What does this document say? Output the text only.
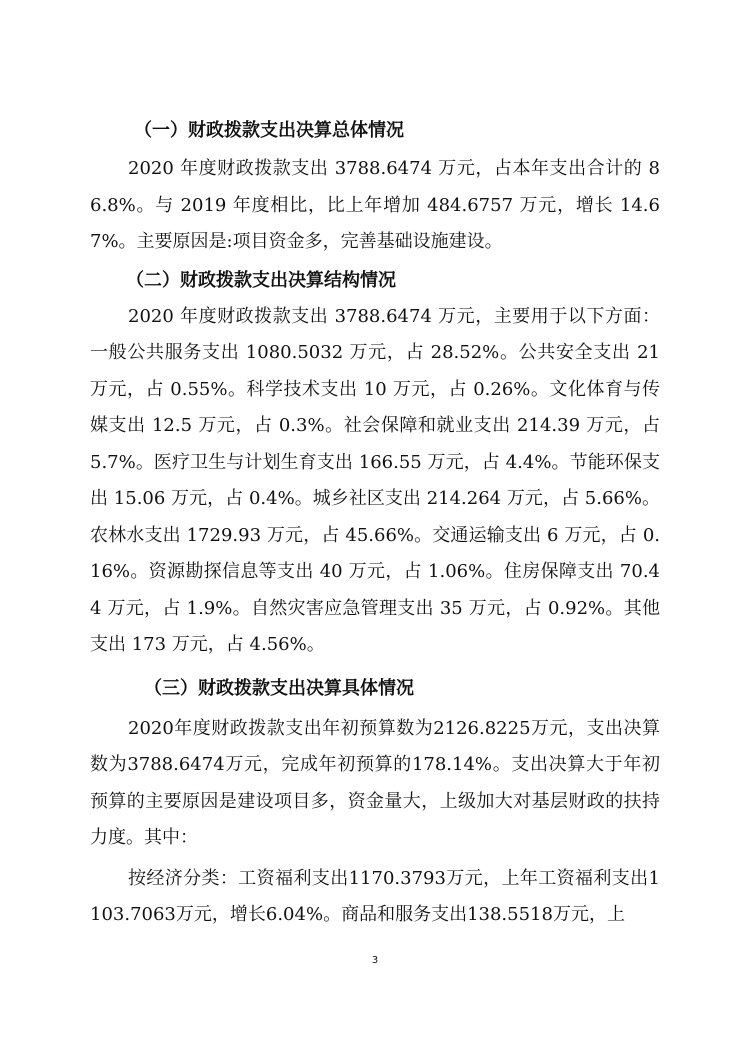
（一）财政拨款支出决算总体情况

2020 年度财政拨款支出 3788.6474 万元，占本年支出合计的 86.8%。与 2019 年度相比，比上年增加 484.6757 万元，增长 14.67%。主要原因是:项目资金多，完善基础设施建设。

（二）财政拨款支出决算结构情况

2020 年度财政拨款支出 3788.6474 万元，主要用于以下方面：一般公共服务支出 1080.5032 万元，占 28.52%。公共安全支出 21 万元，占 0.55%。科学技术支出 10 万元，占 0.26%。文化体育与传媒支出 12.5 万元，占 0.3%。社会保障和就业支出 214.39 万元，占 5.7%。医疗卫生与计划生育支出 166.55 万元，占 4.4%。节能环保支出 15.06 万元，占 0.4%。城乡社区支出 214.264 万元，占 5.66%。农林水支出 1729.93 万元，占 45.66%。交通运输支出 6 万元，占 0.16%。资源勘探信息等支出 40 万元，占 1.06%。住房保障支出 70.44 万元，占 1.9%。自然灾害应急管理支出 35 万元，占 0.92%。其他支出 173 万元，占 4.56%。

（三）财政拨款支出决算具体情况

2020年度财政拨款支出年初预算数为2126.8225万元，支出决算数为3788.6474万元，完成年初预算的178.14%。支出决算大于年初预算的主要原因是建设项目多，资金量大，上级加大对基层财政的扶持力度。其中：

按经济分类：工资福利支出1170.3793万元，上年工资福利支出1103.7063万元，增长6.04%。商品和服务支出138.5518万元，上

3
